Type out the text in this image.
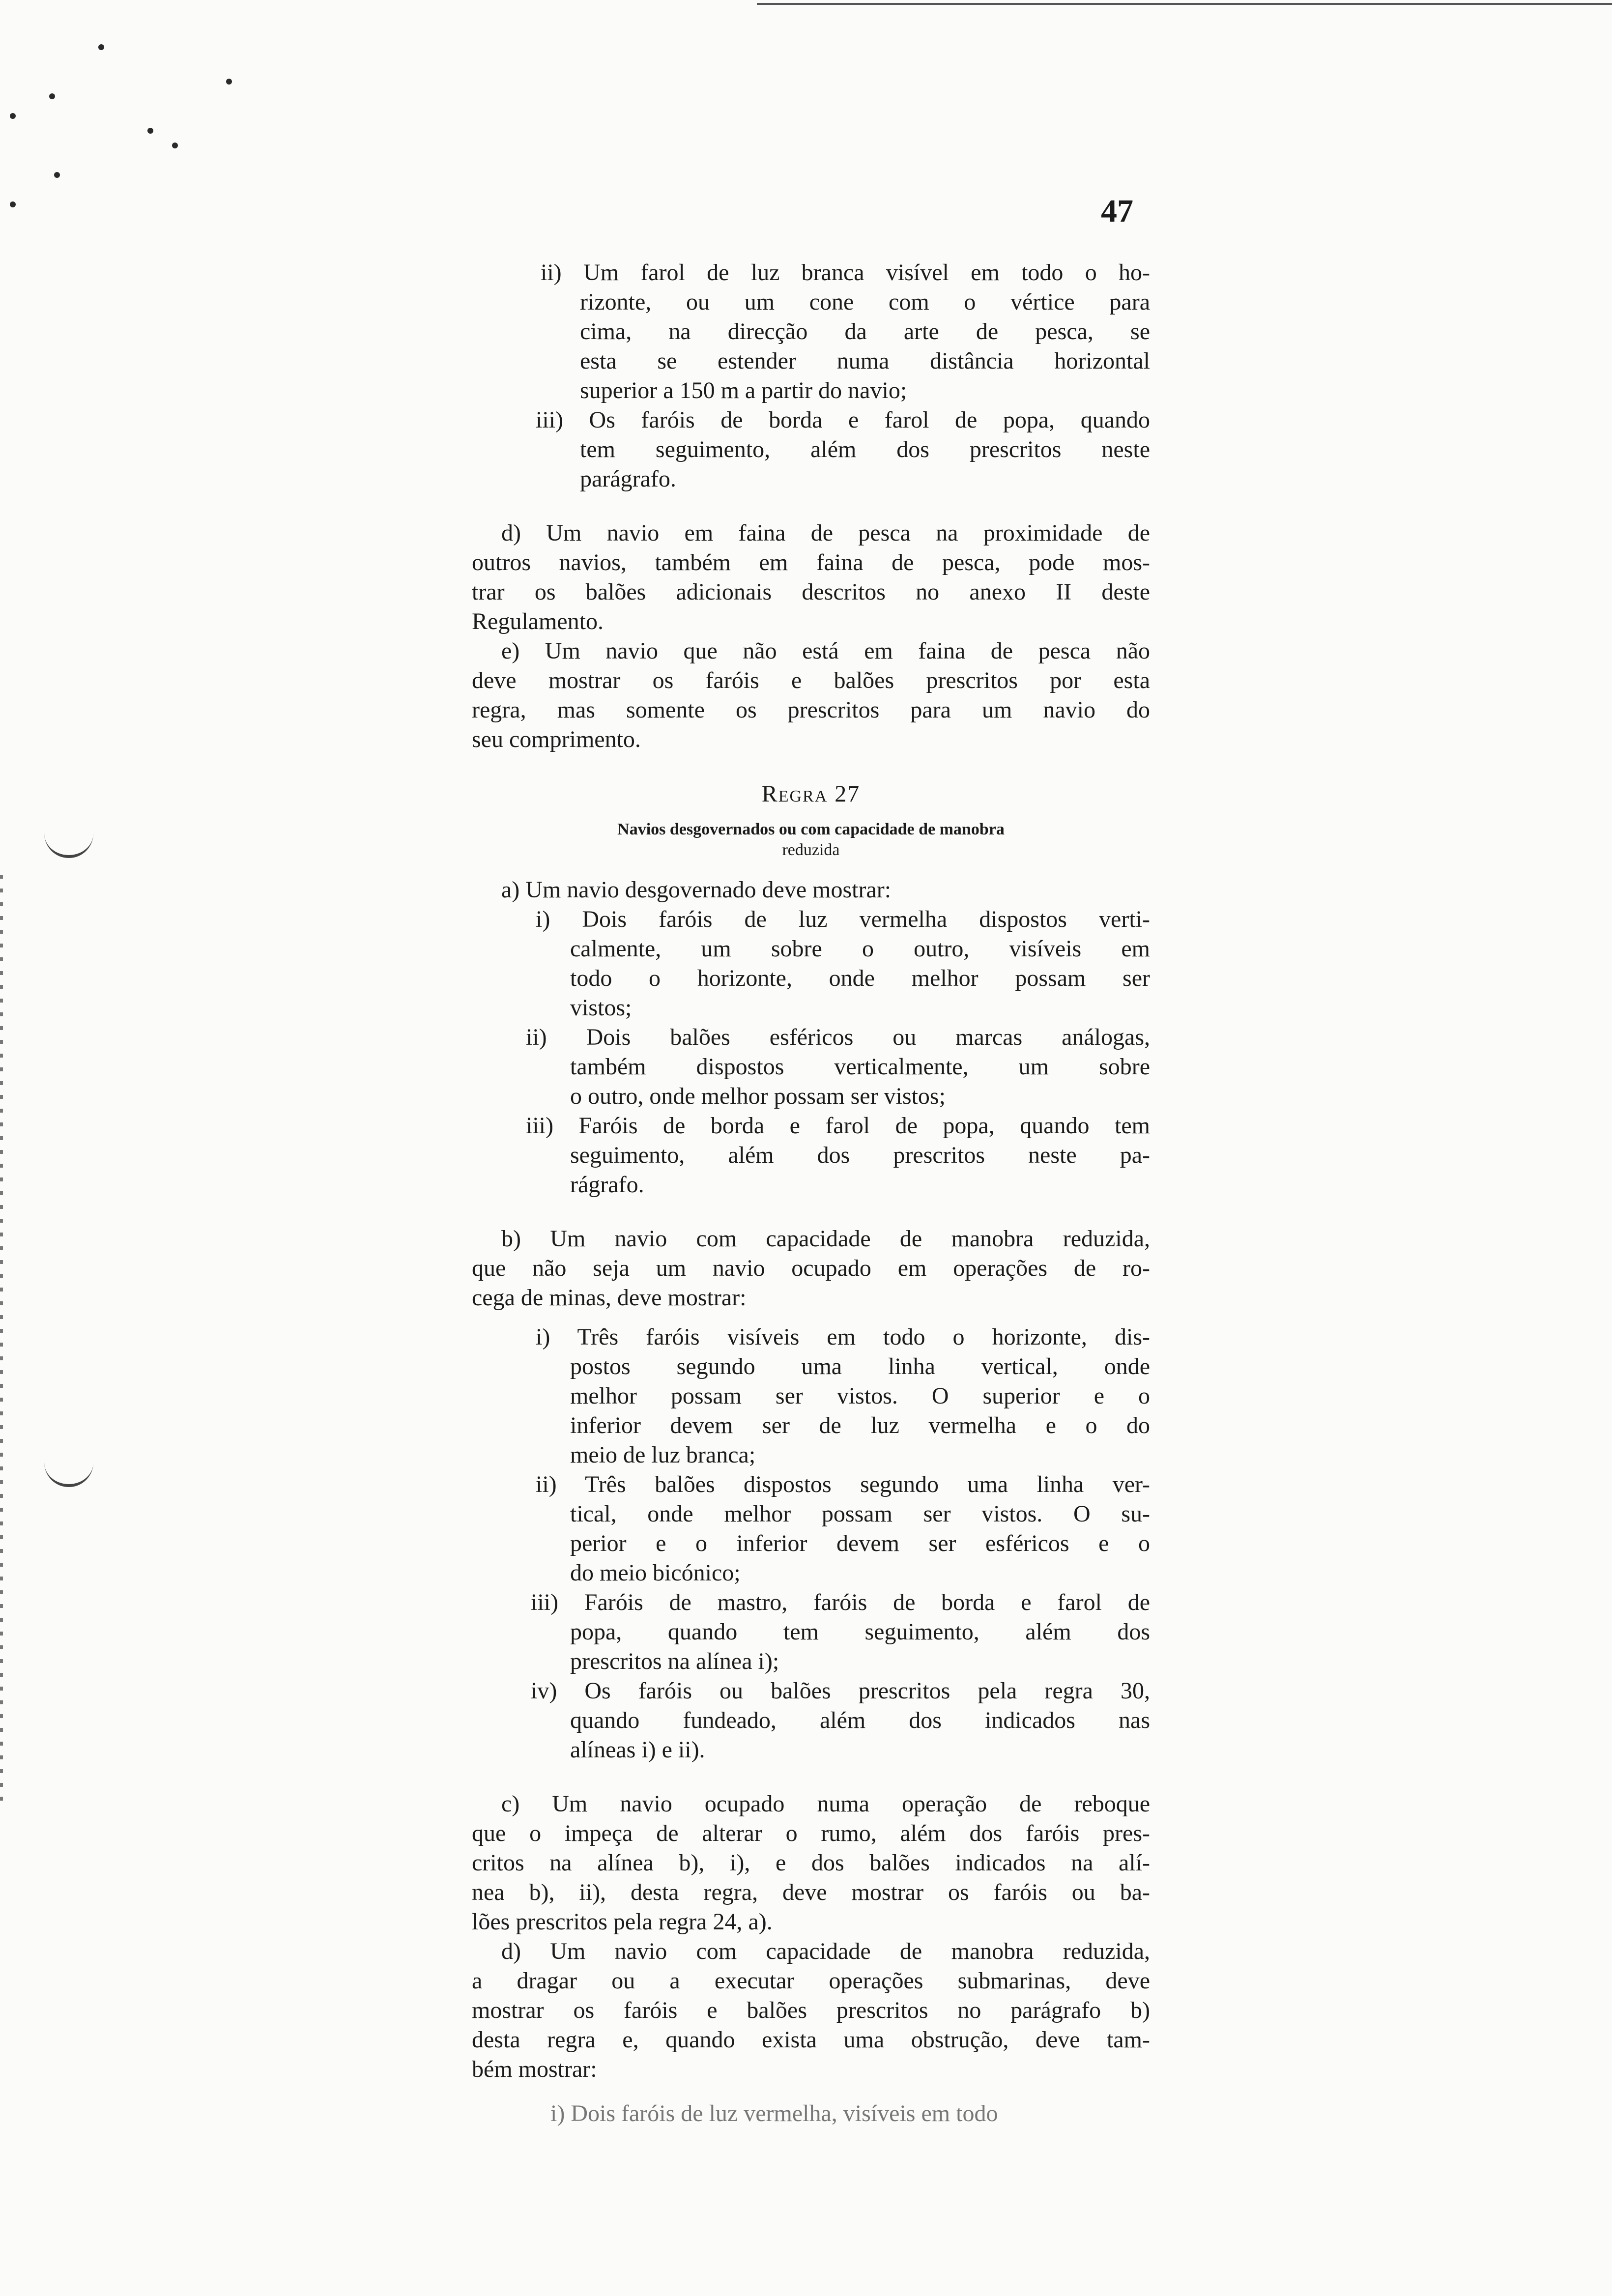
47

ii) Um farol de luz branca visível em todo o ho-

rizonte, ou um cone com o vértice para

cima, na direcção da arte de pesca, se

esta se estender numa distância horizontal

superior a 150 m a partir do navio;

iii) Os faróis de borda e farol de popa, quando

tem seguimento, além dos prescritos neste

parágrafo.

d) Um navio em faina de pesca na proximidade de

outros navios, também em faina de pesca, pode mos-

trar os balões adicionais descritos no anexo II deste

Regulamento.

e) Um navio que não está em faina de pesca não

deve mostrar os faróis e balões prescritos por esta

regra, mas somente os prescritos para um navio do

seu comprimento.

Regra 27

Navios desgovernados ou com capacidade de manobra

reduzida

a) Um navio desgovernado deve mostrar:

i) Dois faróis de luz vermelha dispostos verti-

calmente, um sobre o outro, visíveis em

todo o horizonte, onde melhor possam ser

vistos;

ii) Dois balões esféricos ou marcas análogas,

também dispostos verticalmente, um sobre

o outro, onde melhor possam ser vistos;

iii) Faróis de borda e farol de popa, quando tem

seguimento, além dos prescritos neste pa-

rágrafo.

b) Um navio com capacidade de manobra reduzida,

que não seja um navio ocupado em operações de ro-

cega de minas, deve mostrar:

i) Três faróis visíveis em todo o horizonte, dis-

postos segundo uma linha vertical, onde

melhor possam ser vistos. O superior e o

inferior devem ser de luz vermelha e o do

meio de luz branca;

ii) Três balões dispostos segundo uma linha ver-

tical, onde melhor possam ser vistos. O su-

perior e o inferior devem ser esféricos e o

do meio bicónico;

iii) Faróis de mastro, faróis de borda e farol de

popa, quando tem seguimento, além dos

prescritos na alínea i);

iv) Os faróis ou balões prescritos pela regra 30,

quando fundeado, além dos indicados nas

alíneas i) e ii).

c) Um navio ocupado numa operação de reboque

que o impeça de alterar o rumo, além dos faróis pres-

critos na alínea b), i), e dos balões indicados na alí-

nea b), ii), desta regra, deve mostrar os faróis ou ba-

lões prescritos pela regra 24, a).

d) Um navio com capacidade de manobra reduzida,

a dragar ou a executar operações submarinas, deve

mostrar os faróis e balões prescritos no parágrafo b)

desta regra e, quando exista uma obstrução, deve tam-

bém mostrar:

i) Dois faróis de luz vermelha, visíveis em todo
